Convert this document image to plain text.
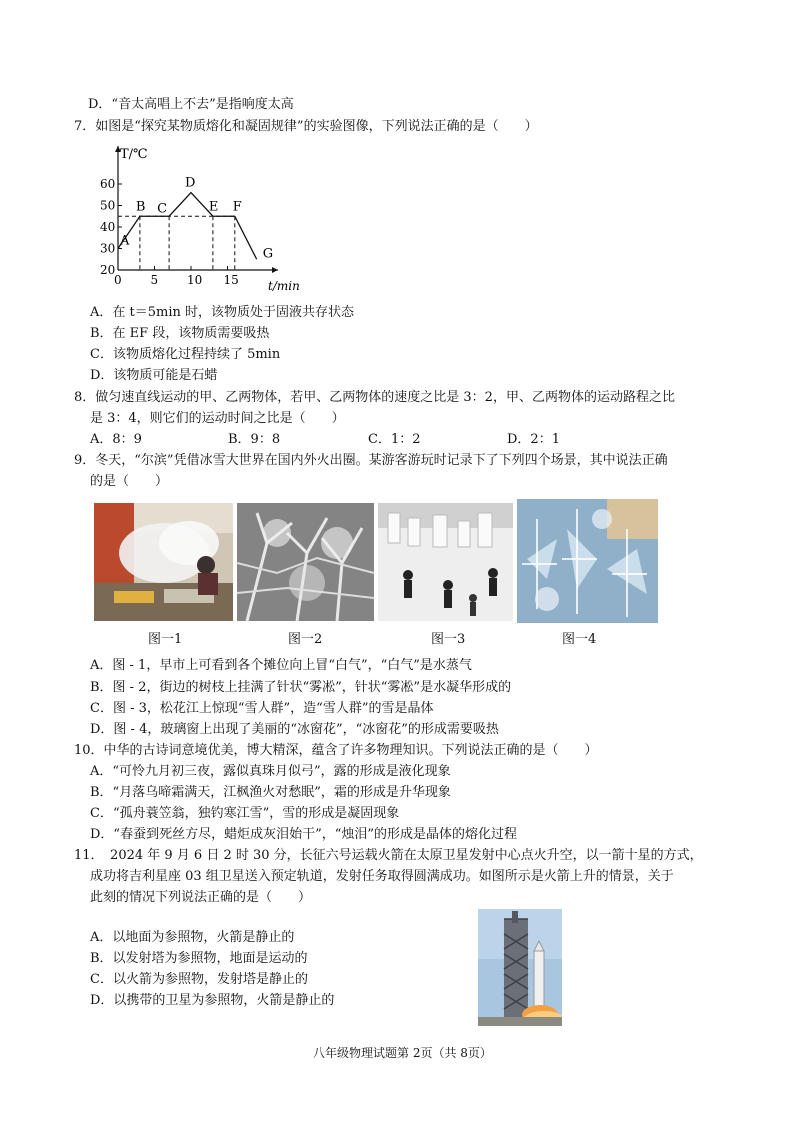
D．“音太高唱上不去”是指响度太高
7．如图是“探究某物质熔化和凝固规律”的实验图像，下列说法正确的是（　　）
T/℃
t/min
20
30
40
50
60
0 5 10 15
A
B C
D
E F
G
A．在 t＝5min 时，该物质处于固液共存状态
B．在 EF 段，该物质需要吸热
C．该物质熔化过程持续了 5min
D．该物质可能是石蜡
8．做匀速直线运动的甲、乙两物体，若甲、乙两物体的速度之比是 3：2，甲、乙两物体的运动路程之比
是 3：4，则它们的运动时间之比是（　　）
A．8：9	B．9：8	C．1：2	D．2：1
9．冬天，“尔滨”凭借冰雪大世界在国内外火出圈。某游客游玩时记录下了下列四个场景，其中说法正确
的是（　　）
图一1	图一2	图一3	图一4
A．图 - 1，早市上可看到各个摊位向上冒“白气”，“白气”是水蒸气
B．图 - 2，街边的树枝上挂满了针状“雾凇”，针状“雾凇”是水凝华形成的
C．图 - 3，松花江上惊现“雪人群”，造“雪人群”的雪是晶体
D．图 - 4，玻璃窗上出现了美丽的“冰窗花”，“冰窗花”的形成需要吸热
10．中华的古诗词意境优美，博大精深，蕴含了许多物理知识。下列说法正确的是（　　）
A．“可怜九月初三夜，露似真珠月似弓”，露的形成是液化现象
B．“月落乌啼霜满天，江枫渔火对愁眠”，霜的形成是升华现象
C．“孤舟蓑笠翁，独钓寒江雪”，雪的形成是凝固现象
D．“春蚕到死丝方尽，蜡炬成灰泪始干”，“烛泪”的形成是晶体的熔化过程
11．　2024 年 9 月 6 日 2 时 30 分，长征六号运载火箭在太原卫星发射中心点火升空，以一箭十星的方式，
成功将吉利星座 03 组卫星送入预定轨道，发射任务取得圆满成功。如图所示是火箭上升的情景，关于
此刻的情况下列说法正确的是（　　）
A．以地面为参照物，火箭是静止的
B．以发射塔为参照物，地面是运动的
C．以火箭为参照物，发射塔是静止的
D．以携带的卫星为参照物，火箭是静止的
八年级物理试题第 2页（共 8页）
